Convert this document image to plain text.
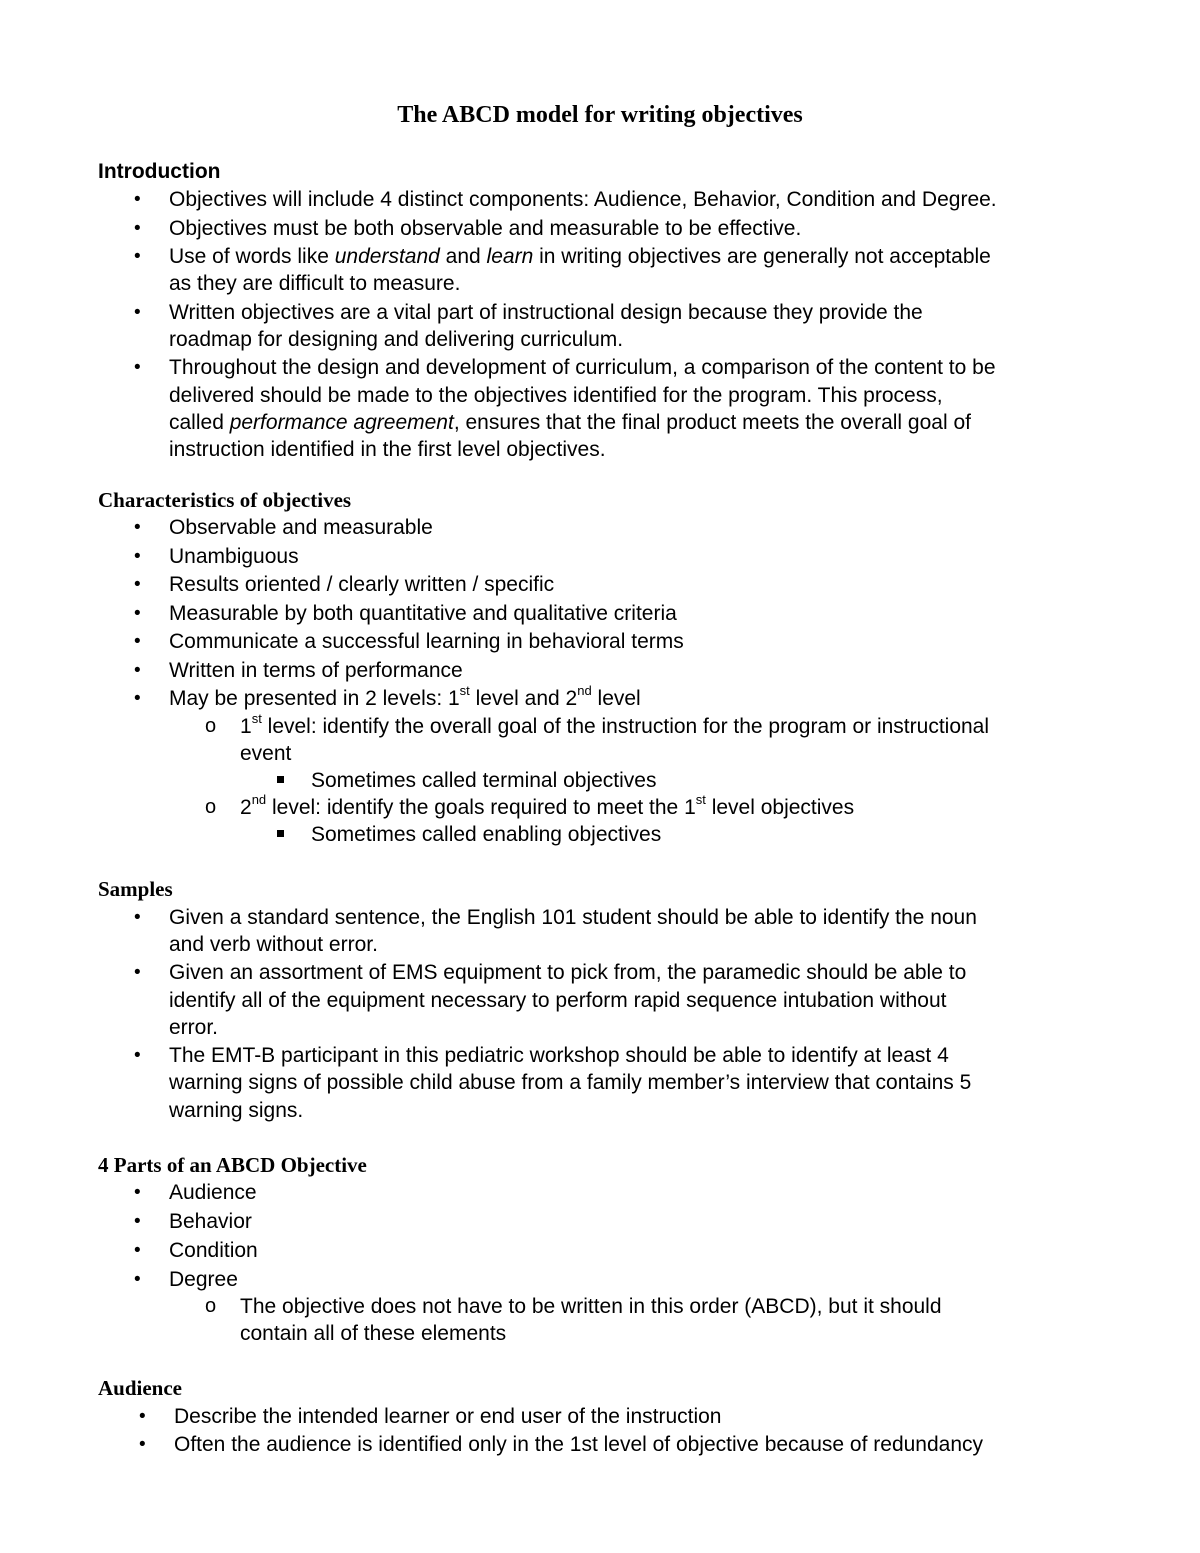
The ABCD model for writing objectives
Introduction
• Objectives will include 4 distinct components: Audience, Behavior, Condition and Degree.
• Objectives must be both observable and measurable to be effective.
• Use of words like understand and learn in writing objectives are generally not acceptable
as they are difficult to measure.
• Written objectives are a vital part of instructional design because they provide the
roadmap for designing and delivering curriculum.
• Throughout the design and development of curriculum, a comparison of the content to be
delivered should be made to the objectives identified for the program. This process,
called performance agreement, ensures that the final product meets the overall goal of
instruction identified in the first level objectives.
Characteristics of objectives
• Observable and measurable
• Unambiguous
• Results oriented / clearly written / specific
• Measurable by both quantitative and qualitative criteria
• Communicate a successful learning in behavioral terms
• Written in terms of performance
• May be presented in 2 levels: 1st level and 2nd level
o 1st level: identify the overall goal of the instruction for the program or instructional
event
Sometimes called terminal objectives
o 2nd level: identify the goals required to meet the 1st level objectives
Sometimes called enabling objectives
Samples
• Given a standard sentence, the English 101 student should be able to identify the noun
and verb without error.
• Given an assortment of EMS equipment to pick from, the paramedic should be able to
identify all of the equipment necessary to perform rapid sequence intubation without
error.
• The EMT-B participant in this pediatric workshop should be able to identify at least 4
warning signs of possible child abuse from a family member’s interview that contains 5
warning signs.
4 Parts of an ABCD Objective
• Audience
• Behavior
• Condition
• Degree
o The objective does not have to be written in this order (ABCD), but it should
contain all of these elements
Audience
• Describe the intended learner or end user of the instruction
• Often the audience is identified only in the 1st level of objective because of redundancy
